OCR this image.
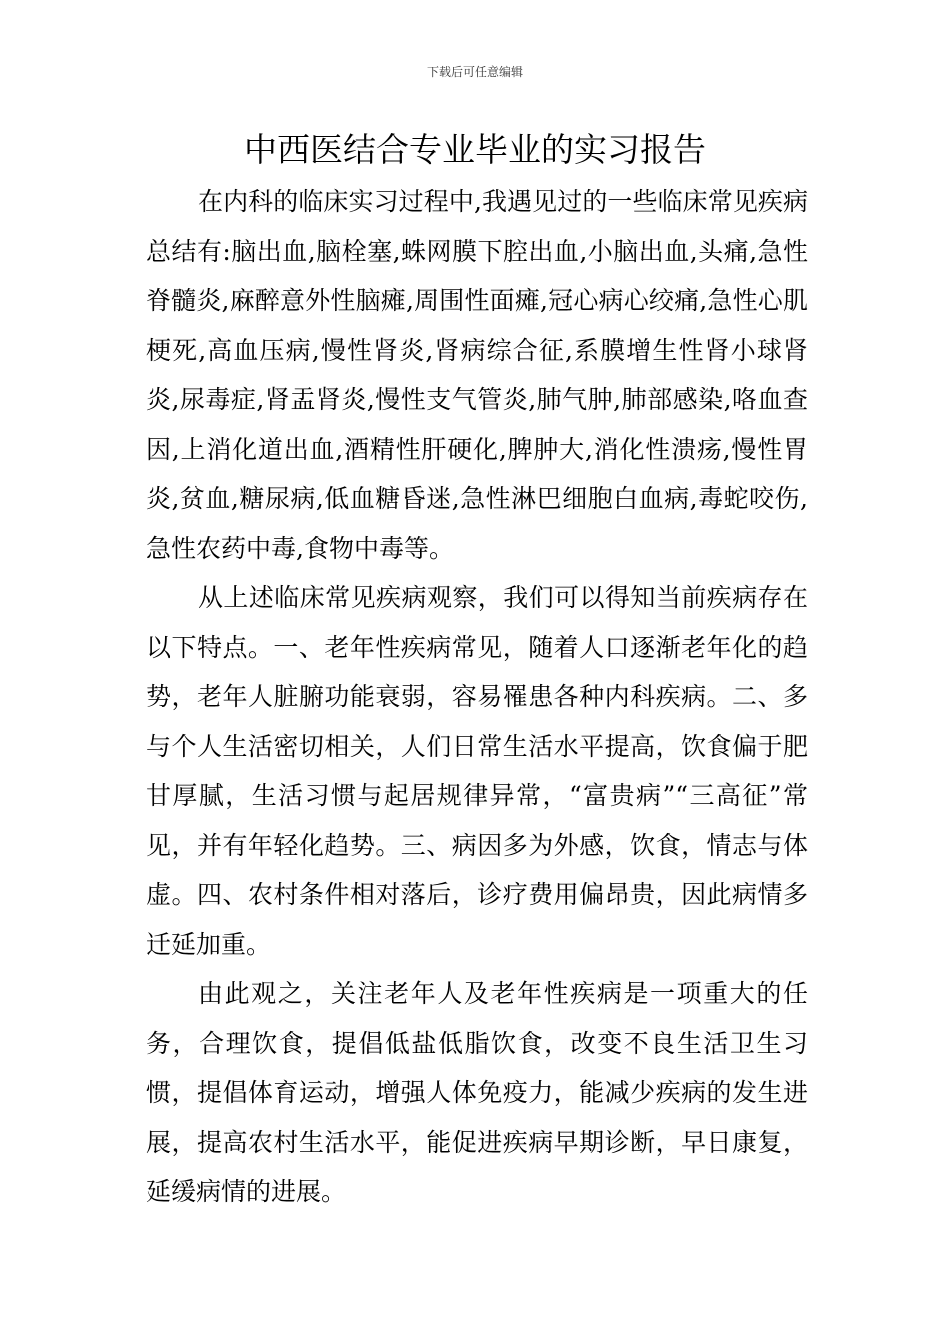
下载后可任意编辑
中西医结合专业毕业的实习报告

在内科的临床实习过程中,我遇见过的一些临床常见疾病总结有:脑出血,脑栓塞,蛛网膜下腔出血,小脑出血,头痛,急性脊髓炎,麻醉意外性脑瘫,周围性面瘫,冠心病心绞痛,急性心肌梗死,高血压病,慢性肾炎,肾病综合征,系膜增生性肾小球肾炎,尿毒症,肾盂肾炎,慢性支气管炎,肺气肿,肺部感染,咯血查因,上消化道出血,酒精性肝硬化,脾肿大,消化性溃疡,慢性胃炎,贫血,糖尿病,低血糖昏迷,急性淋巴细胞白血病,毒蛇咬伤,急性农药中毒,食物中毒等。

从上述临床常见疾病观察，我们可以得知当前疾病存在以下特点。一、老年性疾病常见，随着人口逐渐老年化的趋势，老年人脏腑功能衰弱，容易罹患各种内科疾病。二、多与个人生活密切相关，人们日常生活水平提高，饮食偏于肥甘厚腻，生活习惯与起居规律异常，“富贵病”“三高征”常见，并有年轻化趋势。三、病因多为外感，饮食，情志与体虚。四、农村条件相对落后，诊疗费用偏昂贵，因此病情多迁延加重。

由此观之，关注老年人及老年性疾病是一项重大的任务，合理饮食，提倡低盐低脂饮食，改变不良生活卫生习惯，提倡体育运动，增强人体免疫力，能减少疾病的发生进展，提高农村生活水平，能促进疾病早期诊断，早日康复，延缓病情的进展。
